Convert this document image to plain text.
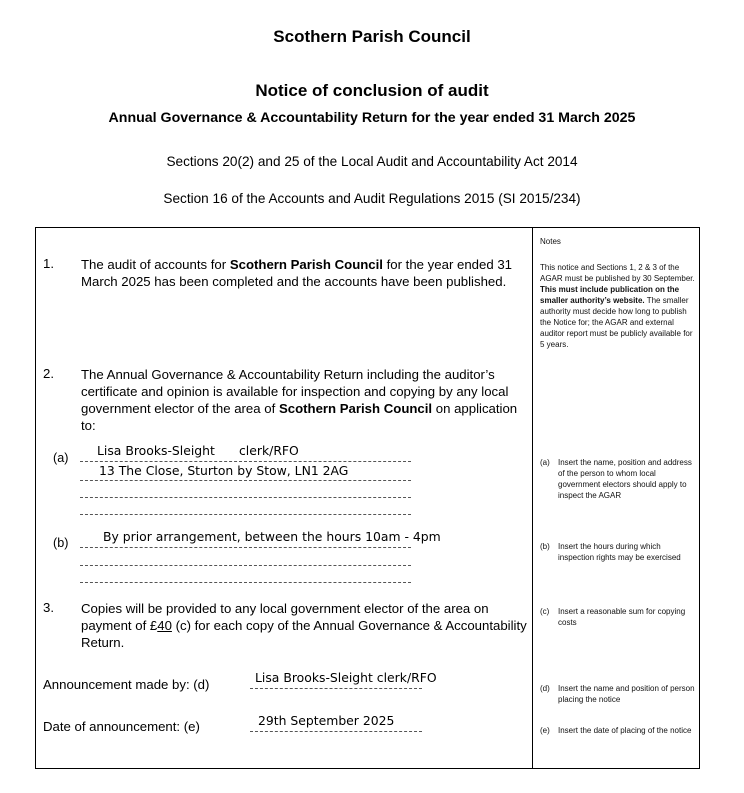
Scothern Parish Council
Notice of conclusion of audit
Annual Governance & Accountability Return for the year ended 31 March 2025
Sections 20(2) and 25 of the Local Audit and Accountability Act 2014
Section 16 of the Accounts and Audit Regulations 2015 (SI 2015/234)
1. The audit of accounts for Scothern Parish Council for the year ended 31 March 2025 has been completed and the accounts have been published.
2. The Annual Governance & Accountability Return including the auditor’s certificate and opinion is available for inspection and copying by any local government elector of the area of Scothern Parish Council on application to:
(a) Lisa Brooks-Sleight clerk/RFO
13 The Close, Sturton by Stow, LN1 2AG
(b)	By prior arrangement, between the hours 10am - 4pm
3. Copies will be provided to any local government elector of the area on payment of £40 (c) for each copy of the Annual Governance & Accountability Return.
Announcement made by: (d)	Lisa Brooks-Sleight clerk/RFO
Date of announcement: (e)	29th September 2025
Notes
This notice and Sections 1, 2 & 3 of the AGAR must be published by 30 September. This must include publication on the smaller authority’s website. The smaller authority must decide how long to publish the Notice for; the AGAR and external auditor report must be publicly available for 5 years.
(a)	Insert the name, position and address of the person to whom local government electors should apply to inspect the AGAR
(b)	Insert the hours during which inspection rights may be exercised
(c)	Insert a reasonable sum for copying costs
(d)	Insert the name and position of person placing the notice
(e)	Insert the date of placing of the notice
